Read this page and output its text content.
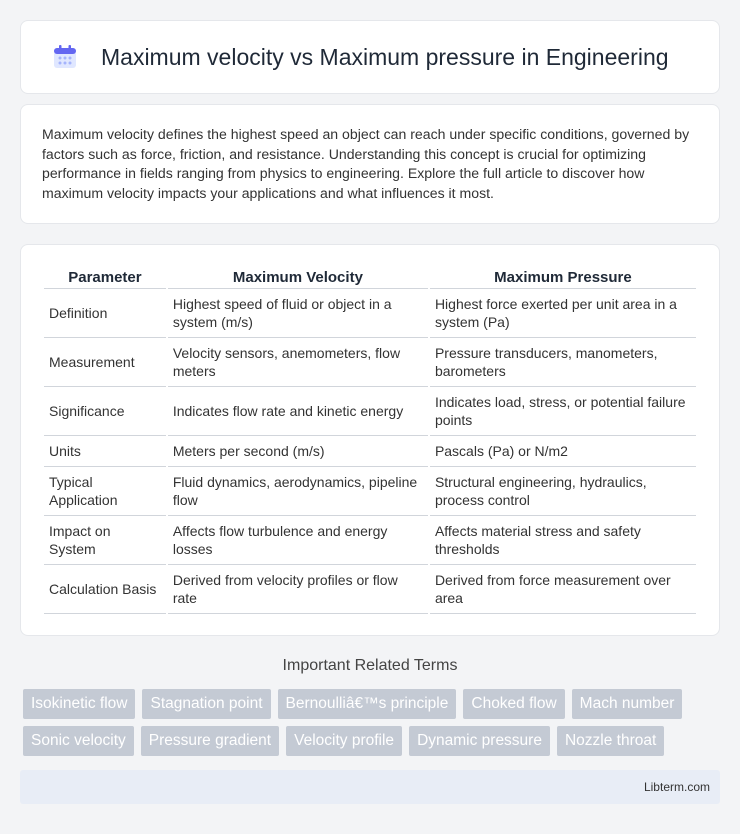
Maximum velocity vs Maximum pressure in Engineering

Maximum velocity defines the highest speed an object can reach under specific conditions, governed by factors such as force, friction, and resistance. Understanding this concept is crucial for optimizing performance in fields ranging from physics to engineering. Explore the full article to discover how maximum velocity impacts your applications and what influences it most.

Parameter	Maximum Velocity	Maximum Pressure
Definition	Highest speed of fluid or object in a system (m/s)	Highest force exerted per unit area in a system (Pa)
Measurement	Velocity sensors, anemometers, flow meters	Pressure transducers, manometers, barometers
Significance	Indicates flow rate and kinetic energy	Indicates load, stress, or potential failure points
Units	Meters per second (m/s)	Pascals (Pa) or N/m2
Typical Application	Fluid dynamics, aerodynamics, pipeline flow	Structural engineering, hydraulics, process control
Impact on System	Affects flow turbulence and energy losses	Affects material stress and safety thresholds
Calculation Basis	Derived from velocity profiles or flow rate	Derived from force measurement over area
Important Related Terms
Isokinetic flow	Stagnation point	Bernoulliâ€™s principle	Choked flow	Mach number
Sonic velocity	Pressure gradient	Velocity profile	Dynamic pressure	Nozzle throat
Libterm.com
